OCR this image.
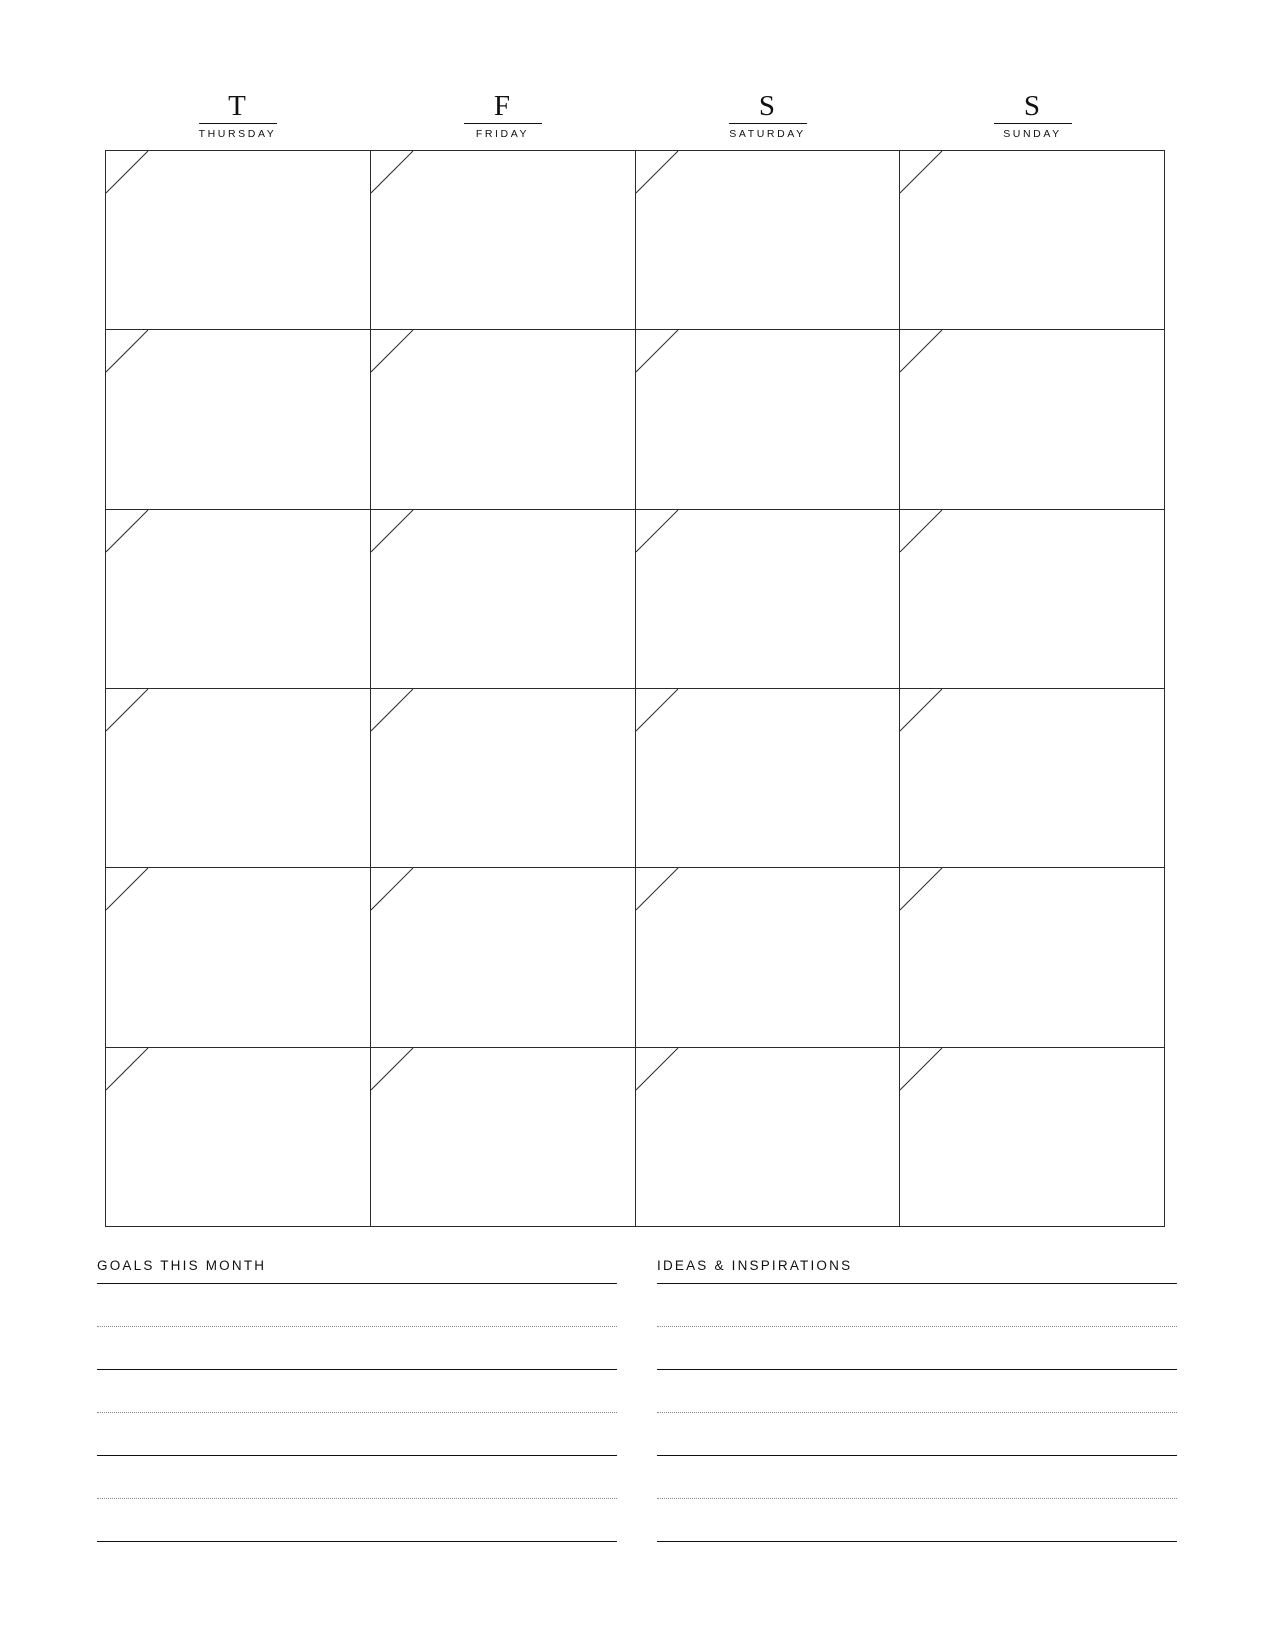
T
THURSDAY
F
FRIDAY
S
SATURDAY
S
SUNDAY
GOALS THIS MONTH	IDEAS & INSPIRATIONS
